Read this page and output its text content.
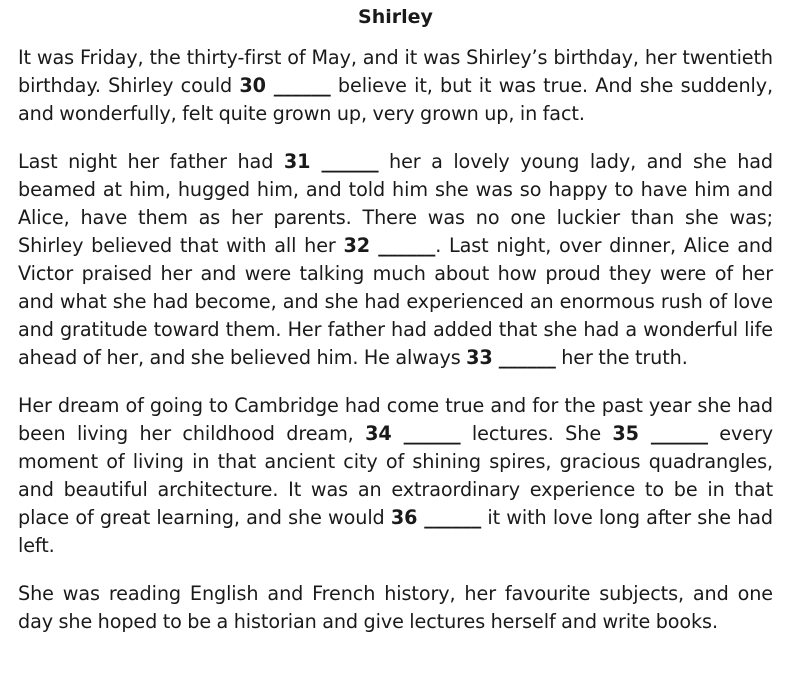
Shirley

It was Friday, the thirty-first of May, and it was Shirley’s birthday, her twentieth birthday. Shirley could 30 ______ believe it, but it was true. And she suddenly, and wonderfully, felt quite grown up, very grown up, in fact.

Last night her father had 31 ______ her a lovely young lady, and she had beamed at him, hugged him, and told him she was so happy to have him and Alice, have them as her parents. There was no one luckier than she was; Shirley believed that with all her 32 ______. Last night, over dinner, Alice and Victor praised her and were talking much about how proud they were of her and what she had become, and she had experienced an enormous rush of love and gratitude toward them. Her father had added that she had a wonderful life ahead of her, and she believed him. He always 33 ______ her the truth.

Her dream of going to Cambridge had come true and for the past year she had been living her childhood dream, 34 ______ lectures. She 35 ______ every moment of living in that ancient city of shining spires, gracious quadrangles, and beautiful architecture. It was an extraordinary experience to be in that place of great learning, and she would 36 ______ it with love long after she had left.

She was reading English and French history, her favourite subjects, and one day she hoped to be a historian and give lectures herself and write books.
